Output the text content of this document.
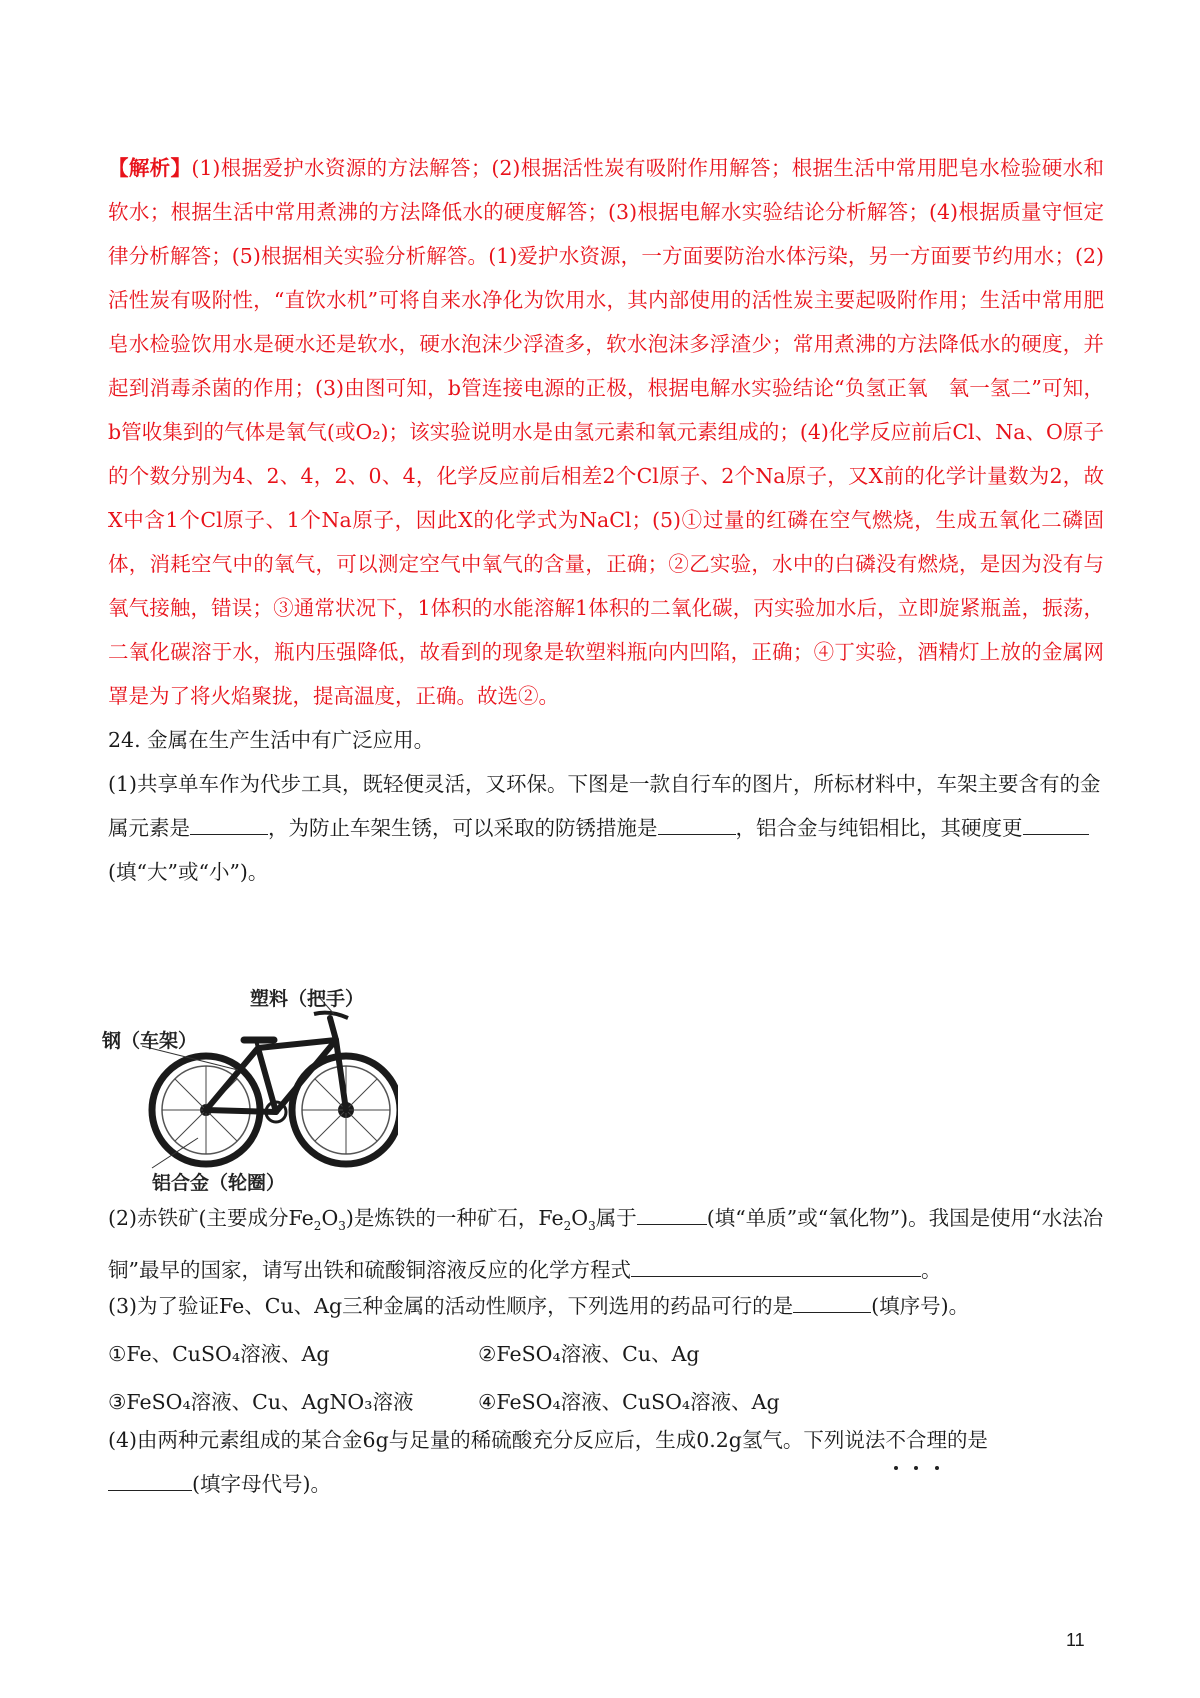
【解析】(1)根据爱护水资源的方法解答；(2)根据活性炭有吸附作用解答；根据生活中常用肥皂水检验硬水和软水；根据生活中常用煮沸的方法降低水的硬度解答；(3)根据电解水实验结论分析解答；(4)根据质量守恒定律分析解答；(5)根据相关实验分析解答。(1)爱护水资源，一方面要防治水体污染，另一方面要节约用水；(2)活性炭有吸附性，“直饮水机”可将自来水净化为饮用水，其内部使用的活性炭主要起吸附作用；生活中常用肥皂水检验饮用水是硬水还是软水，硬水泡沫少浮渣多，软水泡沫多浮渣少；常用煮沸的方法降低水的硬度，并起到消毒杀菌的作用；(3)由图可知，b管连接电源的正极，根据电解水实验结论“负氢正氧　氧一氢二”可知，b管收集到的气体是氧气(或O₂)；该实验说明水是由氢元素和氧元素组成的；(4)化学反应前后Cl、Na、O原子的个数分别为4、2、4，2、0、4，化学反应前后相差2个Cl原子、2个Na原子，又X前的化学计量数为2，故X中含1个Cl原子、1个Na原子，因此X的化学式为NaCl；(5)①过量的红磷在空气燃烧，生成五氧化二磷固体，消耗空气中的氧气，可以测定空气中氧气的含量，正确；②乙实验，水中的白磷没有燃烧，是因为没有与氧气接触，错误；③通常状况下，1体积的水能溶解1体积的二氧化碳，丙实验加水后，立即旋紧瓶盖，振荡，二氧化碳溶于水，瓶内压强降低，故看到的现象是软塑料瓶向内凹陷，正确；④丁实验，酒精灯上放的金属网罩是为了将火焰聚拢，提高温度，正确。故选②。

24. 金属在生产生活中有广泛应用。

(1)共享单车作为代步工具，既轻便灵活，又环保。下图是一款自行车的图片，所标材料中，车架主要含有的金属元素是	，为防止车架生锈，可以采取的防锈措施是	，铝合金与纯铝相比，其硬度更(填“大”或“小”)。

塑料（把手）
钢（车架）
铝合金（轮圈）

(2)赤铁矿(主要成分$Fe_2O_3$)是炼铁的一种矿石，$Fe_2O_3$属于	(填“单质”或“氧化物”)。我国是使用“水法冶铜”最早的国家，请写出铁和硫酸铜溶液反应的化学方程式	。

(3)为了验证Fe、Cu、Ag三种金属的活动性顺序，下列选用的药品可行的是	(填序号)。

①Fe、CuSO₄溶液、Ag	②FeSO₄溶液、Cu、Ag
③FeSO₄溶液、Cu、AgNO₃溶液	④FeSO₄溶液、CuSO₄溶液、Ag

(4)由两种元素组成的某合金6g与足量的稀硫酸充分反应后，生成0.2g氢气。下列说法不
合
理
的是

(填字母代号)。

11
